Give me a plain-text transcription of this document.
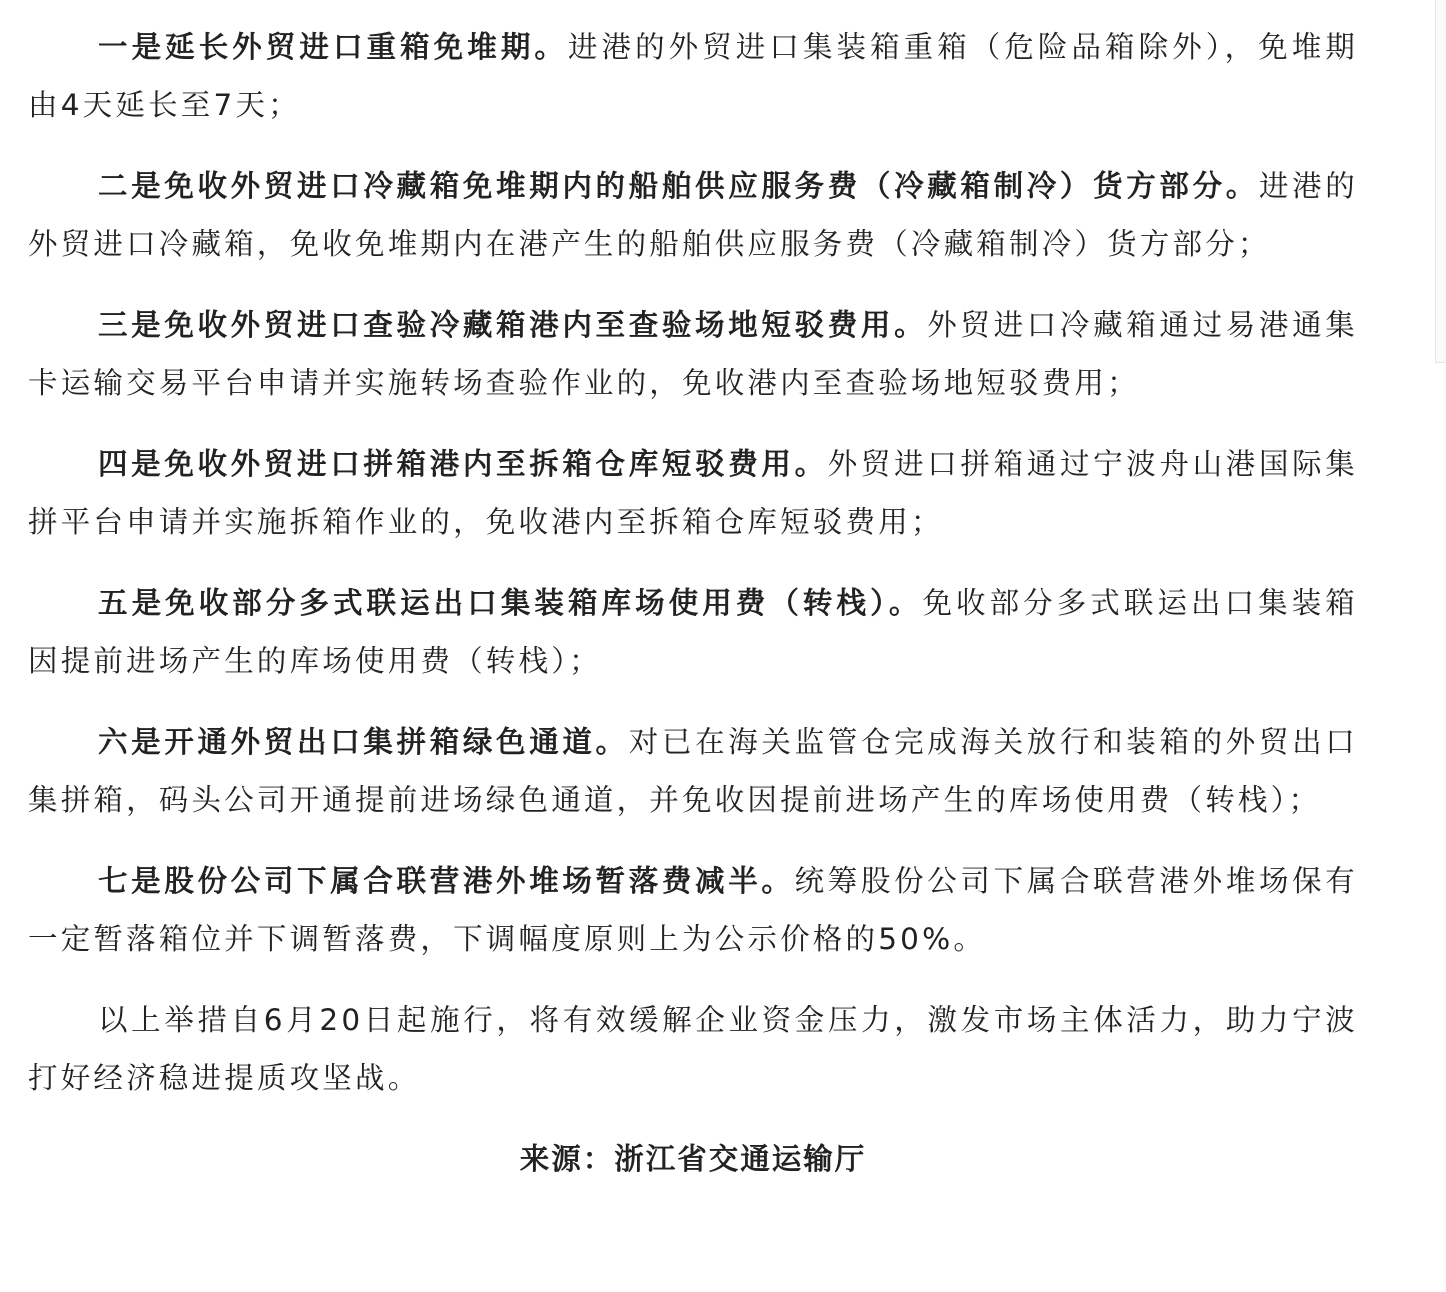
一是延长外贸进口重箱免堆期。进港的外贸进口集装箱重箱（危险品箱除外），免堆期由4天延长至7天；

二是免收外贸进口冷藏箱免堆期内的船舶供应服务费（冷藏箱制冷）货方部分。进港的外贸进口冷藏箱，免收免堆期内在港产生的船舶供应服务费（冷藏箱制冷）货方部分；

三是免收外贸进口查验冷藏箱港内至查验场地短驳费用。外贸进口冷藏箱通过易港通集卡运输交易平台申请并实施转场查验作业的，免收港内至查验场地短驳费用；

四是免收外贸进口拼箱港内至拆箱仓库短驳费用。外贸进口拼箱通过宁波舟山港国际集拼平台申请并实施拆箱作业的，免收港内至拆箱仓库短驳费用；

五是免收部分多式联运出口集装箱库场使用费（转栈）。免收部分多式联运出口集装箱因提前进场产生的库场使用费（转栈）；

六是开通外贸出口集拼箱绿色通道。对已在海关监管仓完成海关放行和装箱的外贸出口集拼箱，码头公司开通提前进场绿色通道，并免收因提前进场产生的库场使用费（转栈）；

七是股份公司下属合联营港外堆场暂落费减半。统筹股份公司下属合联营港外堆场保有一定暂落箱位并下调暂落费，下调幅度原则上为公示价格的50%。

以上举措自6月20日起施行，将有效缓解企业资金压力，激发市场主体活力，助力宁波打好经济稳进提质攻坚战。

来源：浙江省交通运输厅
